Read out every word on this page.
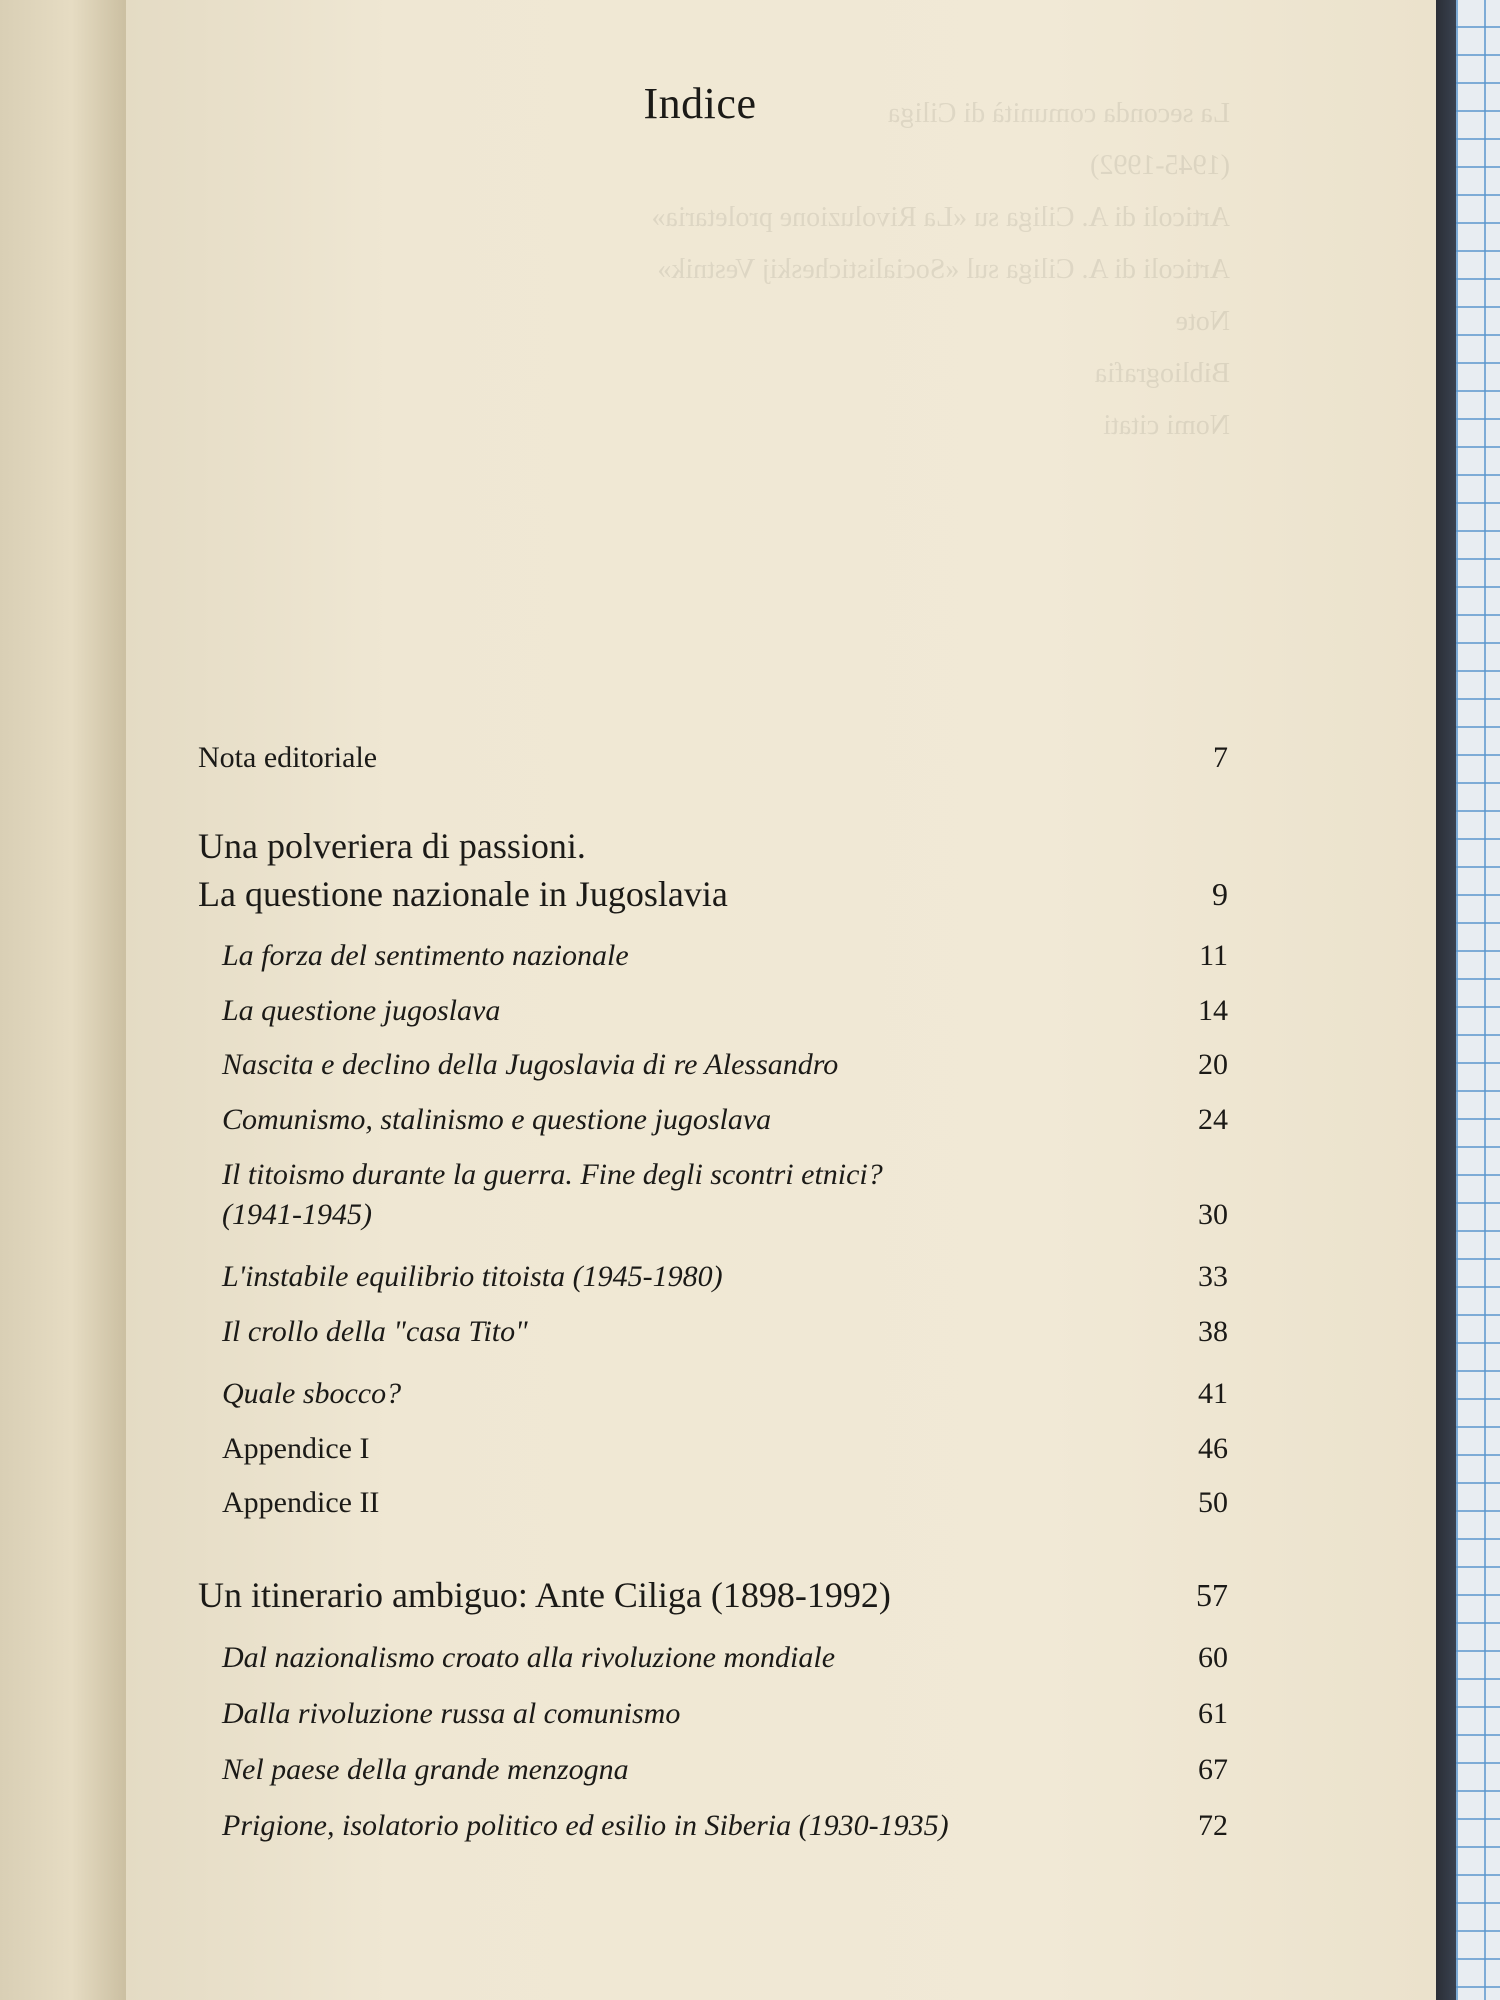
Indice
Nota editoriale	7
Una polveriera di passioni.
La questione nazionale in Jugoslavia	9
La forza del sentimento nazionale	11
La questione jugoslava	14
Nascita e declino della Jugoslavia di re Alessandro	20
Comunismo, stalinismo e questione jugoslava	24
Il titoismo durante la guerra. Fine degli scontri etnici?
(1941-1945)	30
L'instabile equilibrio titoista (1945-1980)	33
Il crollo della "casa Tito"	38
Quale sbocco?	41
Appendice I	46
Appendice II	50
Un itinerario ambiguo: Ante Ciliga (1898-1992)	57
Dal nazionalismo croato alla rivoluzione mondiale	60
Dalla rivoluzione russa al comunismo	61
Nel paese della grande menzogna	67
Prigione, isolatorio politico ed esilio in Siberia (1930-1935)	72
